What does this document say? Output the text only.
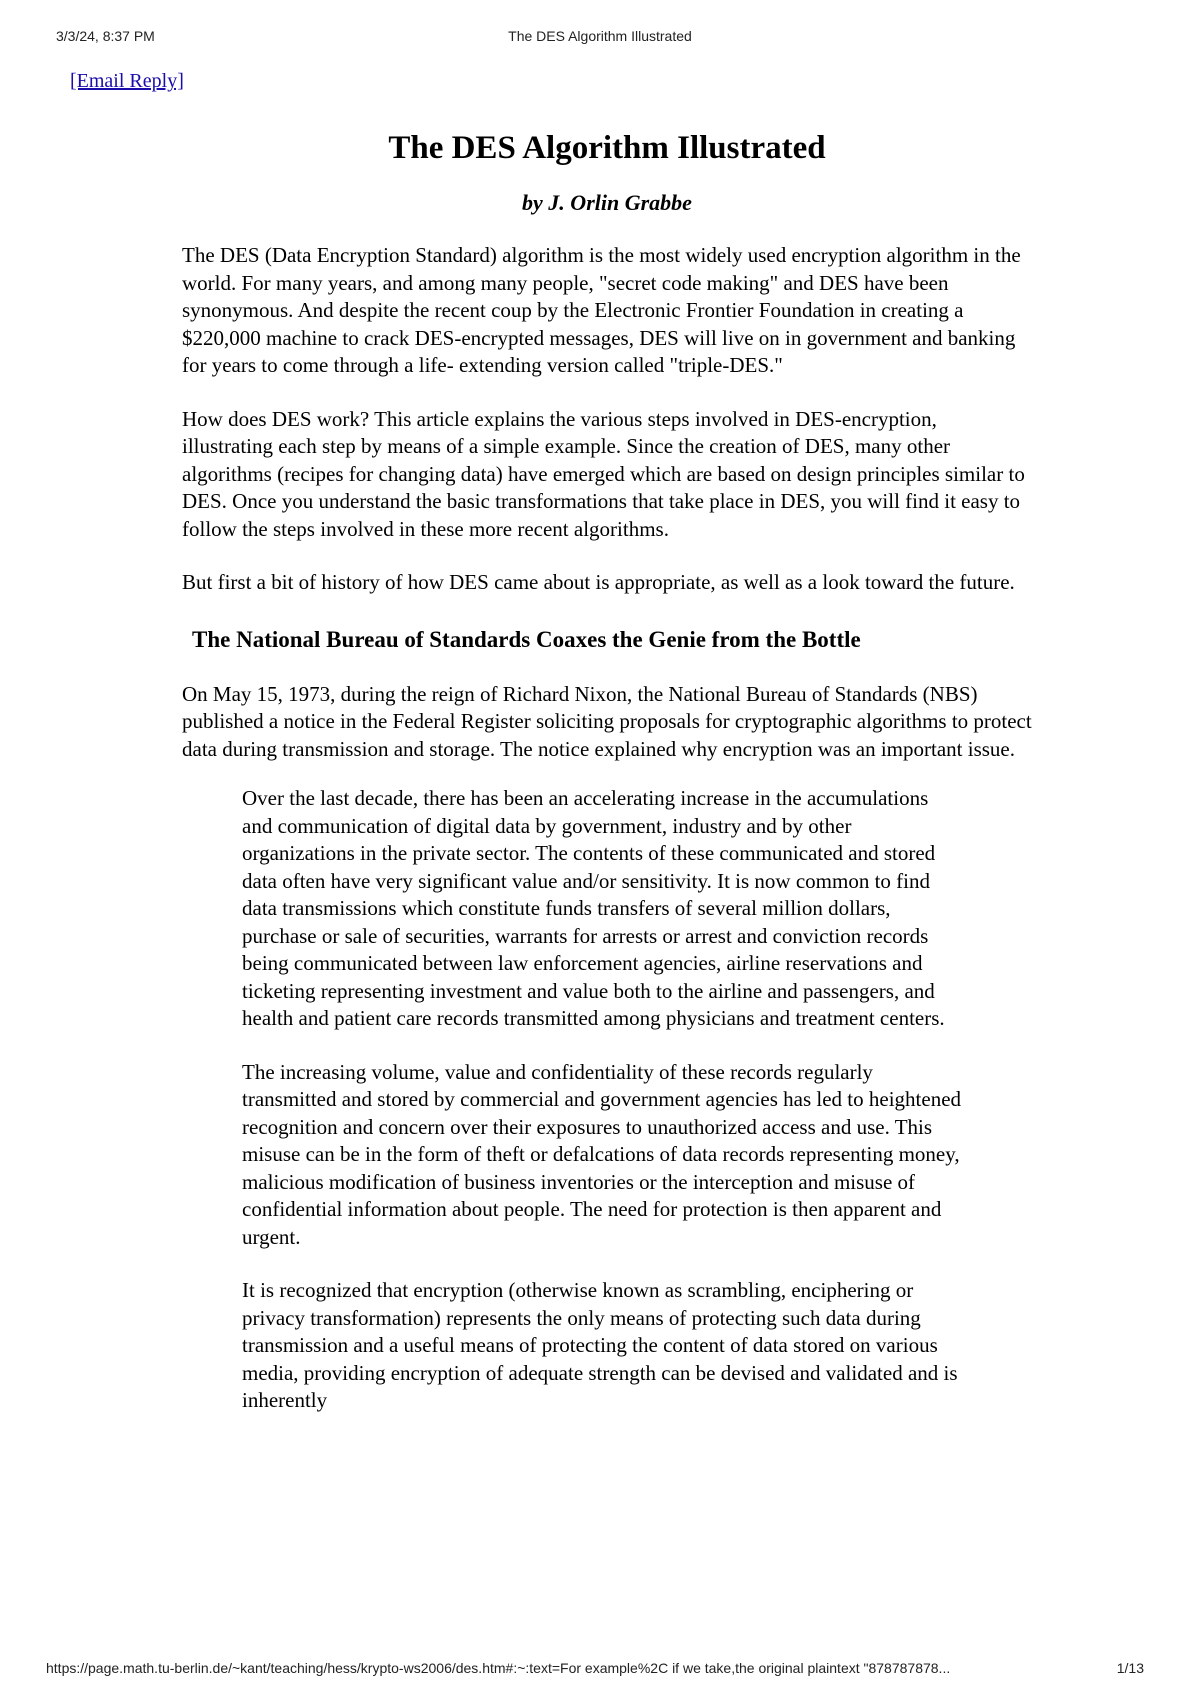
3/3/24, 8:37 PM	The DES Algorithm Illustrated
[Email Reply]
The DES Algorithm Illustrated
by J. Orlin Grabbe

The DES (Data Encryption Standard) algorithm is the most widely used encryption algorithm in the world. For many years, and among many people, "secret code making" and DES have been synonymous. And despite the recent coup by the Electronic Frontier Foundation in creating a $220,000 machine to crack DES-encrypted messages, DES will live on in government and banking for years to come through a life- extending version called "triple-DES."

How does DES work? This article explains the various steps involved in DES-encryption, illustrating each step by means of a simple example. Since the creation of DES, many other algorithms (recipes for changing data) have emerged which are based on design principles similar to DES. Once you understand the basic transformations that take place in DES, you will find it easy to follow the steps involved in these more recent algorithms.

But first a bit of history of how DES came about is appropriate, as well as a look toward the future.

The National Bureau of Standards Coaxes the Genie from the Bottle

On May 15, 1973, during the reign of Richard Nixon, the National Bureau of Standards (NBS) published a notice in the Federal Register soliciting proposals for cryptographic algorithms to protect data during transmission and storage. The notice explained why encryption was an important issue.

Over the last decade, there has been an accelerating increase in the accumulations and communication of digital data by government, industry and by other organizations in the private sector. The contents of these communicated and stored data often have very significant value and/or sensitivity. It is now common to find data transmissions which constitute funds transfers of several million dollars, purchase or sale of securities, warrants for arrests or arrest and conviction records being communicated between law enforcement agencies, airline reservations and ticketing representing investment and value both to the airline and passengers, and health and patient care records transmitted among physicians and treatment centers.

The increasing volume, value and confidentiality of these records regularly transmitted and stored by commercial and government agencies has led to heightened recognition and concern over their exposures to unauthorized access and use. This misuse can be in the form of theft or defalcations of data records representing money, malicious modification of business inventories or the interception and misuse of confidential information about people. The need for protection is then apparent and urgent.

It is recognized that encryption (otherwise known as scrambling, enciphering or privacy transformation) represents the only means of protecting such data during transmission and a useful means of protecting the content of data stored on various media, providing encryption of adequate strength can be devised and validated and is inherently

https://page.math.tu-berlin.de/~kant/teaching/hess/krypto-ws2006/des.htm#:~:text=For example%2C if we take,the original plaintext "878787878...	1/13
